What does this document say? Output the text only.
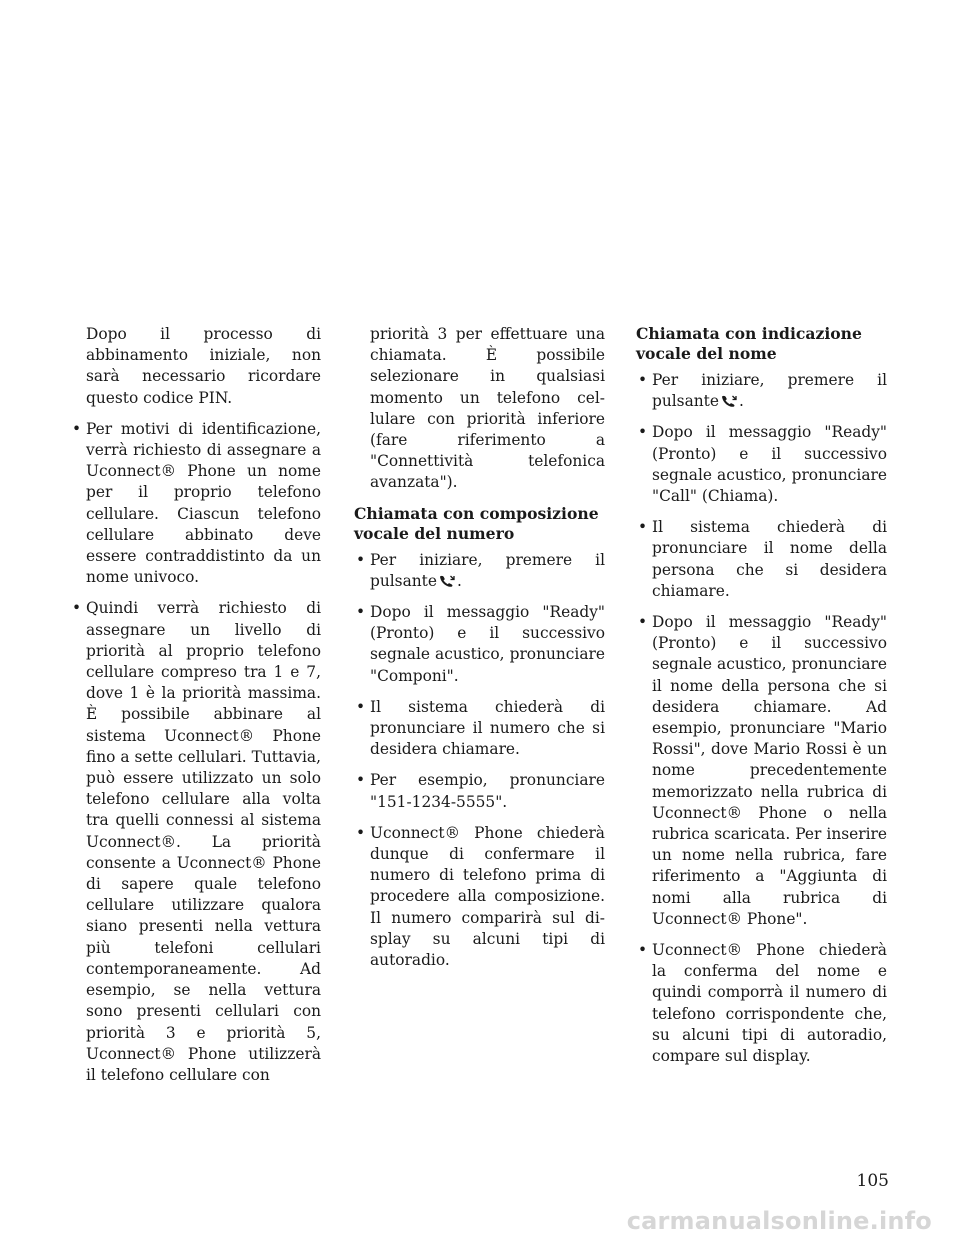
Dopo il processo di abbinamento iniziale, non sarà necessario ricordare questo codice PIN.

• Per motivi di identificazione, verrà richiesto di assegnare a Uconnect® Phone un nome per il proprio telefono cellulare. Ciascun telefono cellulare abbinato deve essere contraddistinto da un nome univoco.
• Quindi verrà richiesto di assegnare un livello di priorità al proprio telefono cellulare compreso tra 1 e 7, dove 1 è la priorità massima. È possibile abbinare al sistema Uconnect® Phone fino a sette cellulari. Tuttavia, può essere utilizzato un solo telefono cellulare alla volta tra quelli connessi al sistema Uconnect®. La priorità consente a Uconnect® Phone di sapere quale telefono cellulare utilizzare qualora siano presenti nella vettura più telefoni cellulari contemporaneamente. Ad esempio, se nella vettura sono presenti cellulari con priorità 3 e priorità 5, Uconnect® Phone utilizzerà il telefono cellulare con

priorità 3 per effettuare una chiamata. È possibile selezionare in qualsiasi momento un telefono cellulare con priorità inferiore (fare riferimento a "Connettività telefonica avanzata").

Chiamata con composizione vocale del numero
• Per iniziare, premere il pulsante .
• Dopo il messaggio "Ready" (Pronto) e il successivo segnale acustico, pronunciare "Componi".
• Il sistema chiederà di pronunciare il numero che si desidera chiamare.
• Per esempio, pronunciare "151-1234-5555".
• Uconnect® Phone chiederà dunque di confermare il numero di telefono prima di procedere alla composizione. Il numero comparirà sul display su alcuni tipi di autoradio.
Chiamata con indicazione vocale del nome
• Per iniziare, premere il pulsante .
• Dopo il messaggio "Ready" (Pronto) e il successivo segnale acustico, pronunciare "Call" (Chiama).
• Il sistema chiederà di pronunciare il nome della persona che si desidera chiamare.
• Dopo il messaggio "Ready" (Pronto) e il successivo segnale acustico, pronunciare il nome della persona che si desidera chiamare. Ad esempio, pronunciare "Mario Rossi", dove Mario Rossi è un nome precedentemente memorizzato nella rubrica di Uconnect® Phone o nella rubrica scaricata. Per inserire un nome nella rubrica, fare riferimento a "Aggiunta di nomi alla rubrica di Uconnect® Phone".
• Uconnect® Phone chiederà la conferma del nome e quindi comporrà il numero di telefono corrispondente che, su alcuni tipi di autoradio, compare sul display.
105
carmanualsonline.info
